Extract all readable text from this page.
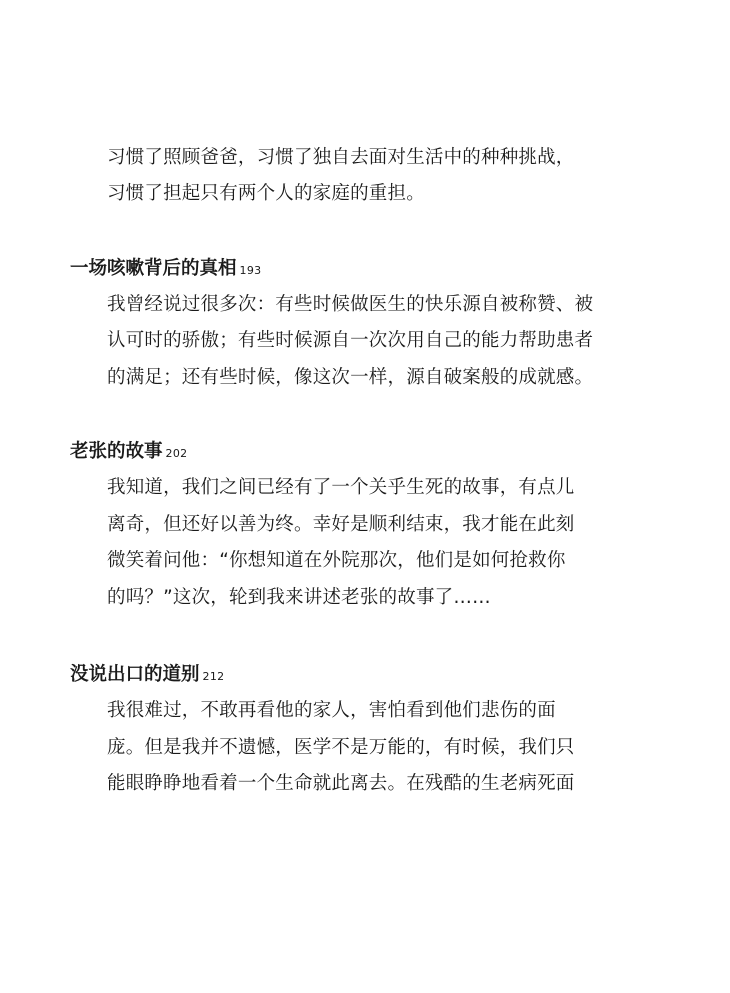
习惯了照顾爸爸，习惯了独自去面对生活中的种种挑战，
习惯了担起只有两个人的家庭的重担。
一场咳嗽背后的真相 193
我曾经说过很多次：有些时候做医生的快乐源自被称赞、被
认可时的骄傲；有些时候源自一次次用自己的能力帮助患者
的满足；还有些时候，像这次一样，源自破案般的成就感。
老张的故事 202
我知道，我们之间已经有了一个关乎生死的故事，有点儿
离奇，但还好以善为终。幸好是顺利结束，我才能在此刻
微笑着问他：“你想知道在外院那次，他们是如何抢救你
的吗？”这次，轮到我来讲述老张的故事了……
没说出口的道别 212
我很难过，不敢再看他的家人，害怕看到他们悲伤的面
庞。但是我并不遗憾，医学不是万能的，有时候，我们只
能眼睁睁地看着一个生命就此离去。在残酷的生老病死面
